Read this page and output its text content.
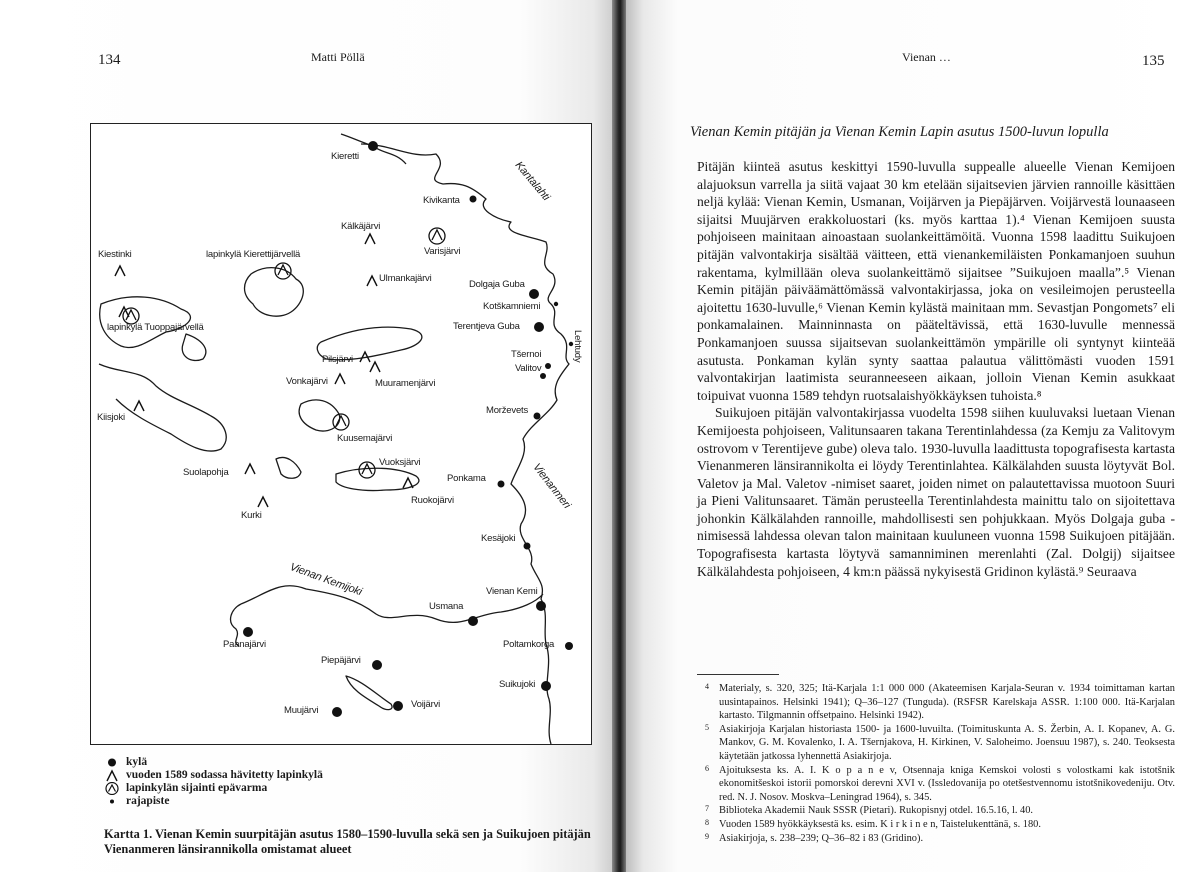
134	Matti Pöllä
Kantalahti
Vienanmeri
Vienan Kemijoki
Lehtudy
Kieretti
Kivikanta
Kälkäjärvi
Varisjärvi
Kiestinki	lapinkylä Kierettijärvellä
Ulmankajärvi
Dolgaja Guba
Kotškamniemi
Terentjeva Guba
lapinkylä Tuoppajärvellä
Tšernoi
Valitov
Pilsjärvi
Vonkajärvi	Muuramenjärvi
Kiisjoki
Morževets
Kuusemajärvi
Vuoksjärvi
Suolapohja
Ponkama
Ruokojärvi
Kurki
Kesäjoki
Vienan Kemi
Usmana
Paanajärvi	Poltamkorga
Piepäjärvi
Suikujoki
Muujärvi
Voijärvi
kylä
vuoden 1589 sodassa hävitetty lapinkylä
lapinkylän sijainti epävarma
rajapiste
Kartta 1. Vienan Kemin suurpitäjän asutus 1580–1590-luvulla sekä sen ja Suikujoen pitäjän Vienanmeren länsirannikolla omistamat alueet
Vienan …	135
Vienan Kemin pitäjän ja Vienan Kemin Lapin asutus 1500-luvun lopulla

Pitäjän kiinteä asutus keskittyi 1590-luvulla suppealle alueelle Vienan Kemijoen alajuoksun varrella ja siitä vajaat 30 km etelään sijaitsevien järvien rannoille käsittäen neljä kylää: Vienan Kemin, Usmanan, Voijärven ja Piepäjärven. Voijärvestä lounaaseen sijaitsi Muujärven erakkoluostari (ks. myös karttaa 1).⁴ Vienan Kemijoen suusta pohjoiseen mainitaan ainoastaan suolankeittämöitä. Vuonna 1598 laadittu Suikujoen pitäjän valvontakirja sisältää väitteen, että vienankemiläisten Ponkamanjoen suuhun rakentama, kylmillään oleva suolankeittämö sijaitsee ”Suikujoen maalla”.⁵ Vienan Kemin pitäjän päiväämättömässä valvontakirjassa, joka on vesileimojen perusteella ajoitettu 1630-luvulle,⁶ Vienan Kemin kylästä mainitaan mm. Sevastjan Pongomets⁷ eli ponkamalainen. Mainninnasta on pääteltävissä, että 1630-luvulle mennessä Ponkamanjoen suussa sijaitsevan suolankeittämön ympärille oli syntynyt kiinteää asutusta. Ponkaman kylän synty saattaa palautua välittömästi vuoden 1591 valvontakirjan laatimista seuranneeseen aikaan, jolloin Vienan Kemin asukkaat toipuivat vuonna 1589 tehdyn ruotsalaishyökkäyksen tuhoista.⁸

Suikujoen pitäjän valvontakirjassa vuodelta 1598 siihen kuuluvaksi luetaan Vienan Kemijoesta pohjoiseen, Valitunsaaren takana Terentinlahdessa (za Kemju za Valitovym ostrovom v Terentijeve gube) oleva talo. 1930-luvulla laadittusta topografisesta kartasta Vienanmeren länsirannikolta ei löydy Terentinlahtea. Kälkälahden suusta löytyvät Bol. Valetov ja Mal. Valetov -nimiset saaret, joiden nimet on palautettavissa muotoon Suuri ja Pieni Valitunsaaret. Tämän perusteella Terentinlahdesta mainittu talo on sijoitettava johonkin Kälkälahden rannoille, mahdollisesti sen pohjukkaan. Myös Dolgaja guba -nimisessä lahdessa olevan talon mainitaan kuuluneen vuonna 1598 Suikujoen pitäjään. Topografisesta kartasta löytyvä samanniminen merenlahti (Zal. Dolgij) sijaitsee Kälkälahdesta pohjoiseen, 4 km:n päässä nykyisestä Gridinon kylästä.⁹ Seuraava

4 Materialy, s. 320, 325; Itä-Karjala 1:1 000 000 (Akateemisen Karjala-Seuran v. 1934 toimittaman kartan uusintapainos. Helsinki 1941); Q–36–127 (Tunguda). (RSFSR Karelskaja ASSR. 1:100 000. Itä-Karjalan kartasto. Tilgmannin offsetpaino. Helsinki 1942).
5 Asiakirjoja Karjalan historiasta 1500- ja 1600-luvuilta. (Toimituskunta A. S. Žerbin, A. I. Kopanev, A. G. Mankov, G. M. Kovalenko, I. A. Tšernjakova, H. Kirkinen, V. Saloheimo. Joensuu 1987), s. 240. Teoksesta käytetään jatkossa lyhennettä Asiakirjoja.
6 Ajoituksesta ks. A. I. K o p a n e v, Otsennaja kniga Kemskoi volosti s volostkami kak istotšnik ekonomitšeskoi istorii pomorskoi derevni XVI v. (Issledovanija po otetšestvennomu istotšnikovedeniju. Otv. red. N. J. Nosov. Moskva–Leningrad 1964), s. 345.
7 Biblioteka Akademii Nauk SSSR (Pietari). Rukopisnyj otdel. 16.5.16, l. 40.
8 Vuoden 1589 hyökkäyksestä ks. esim. K i r k i n e n, Taistelukenttänä, s. 180.
9 Asiakirjoja, s. 238–239; Q–36–82 i 83 (Gridino).
